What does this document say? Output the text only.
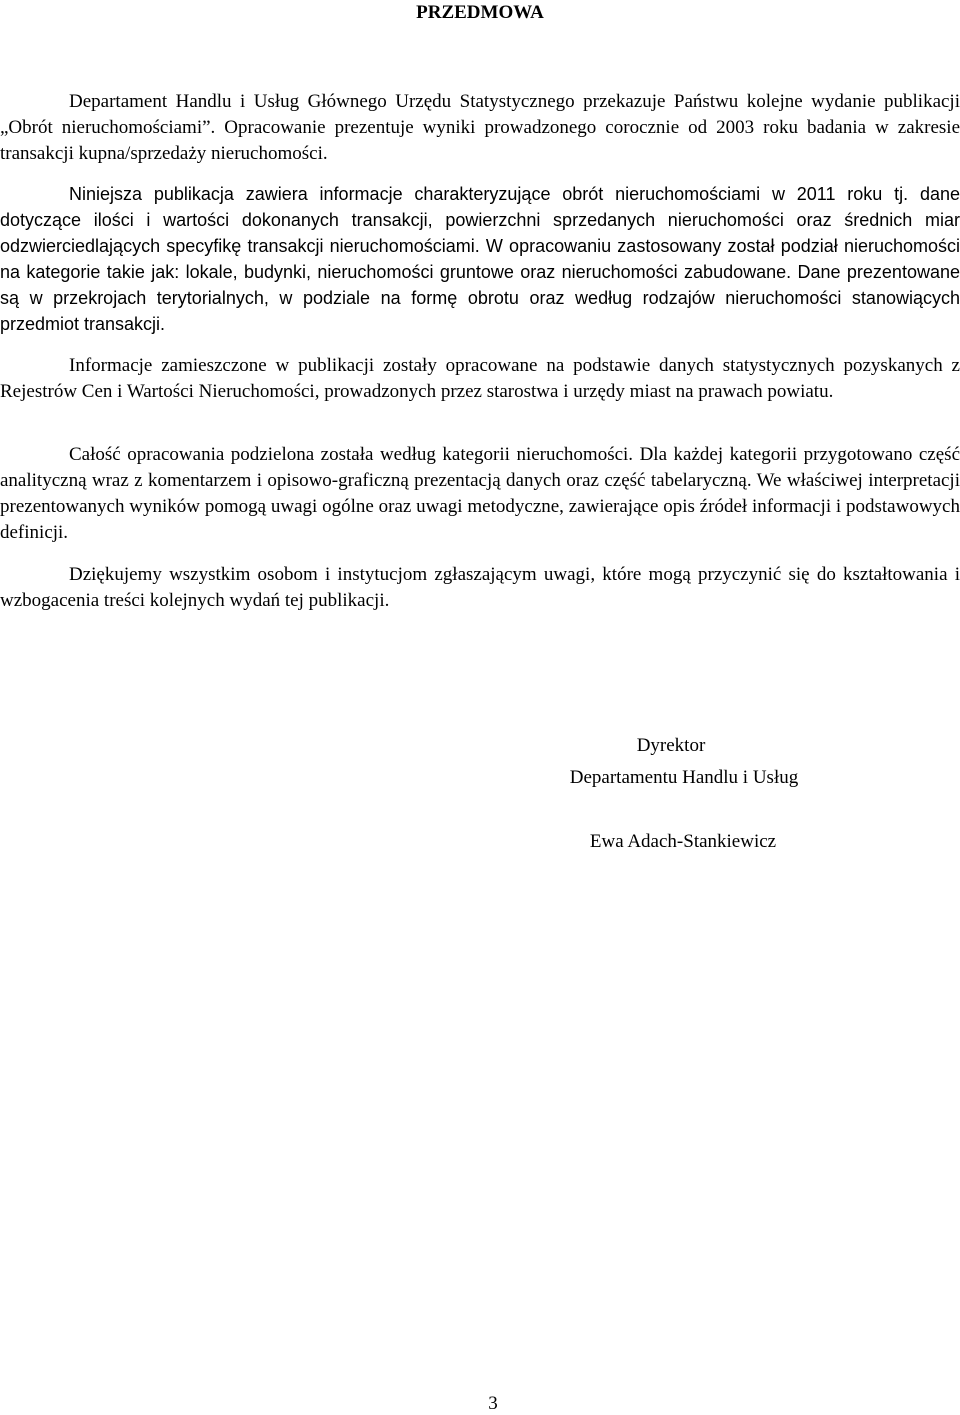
PRZEDMOWA

Departament Handlu i Usług Głównego Urzędu Statystycznego przekazuje Państwu kolejne wydanie publikacji „Obrót nieruchomościami”. Opracowanie prezentuje wyniki prowadzonego corocznie od 2003 roku badania w zakresie transakcji kupna/sprzedaży nieruchomości.

Niniejsza publikacja zawiera informacje charakteryzujące obrót nieruchomościami w 2011 roku tj. dane dotyczące ilości i wartości dokonanych transakcji, powierzchni sprzedanych nieruchomości oraz średnich miar odzwierciedlających specyfikę transakcji nieruchomościami. W opracowaniu zastosowany został podział nieruchomości na kategorie takie jak: lokale, budynki, nieruchomości gruntowe oraz nieruchomości zabudowane. Dane prezentowane są w przekrojach terytorialnych, w podziale na formę obrotu oraz według rodzajów nieruchomości stanowiących przedmiot transakcji.

Informacje zamieszczone w publikacji zostały opracowane na podstawie danych statystycznych pozyskanych z Rejestrów Cen i Wartości Nieruchomości, prowadzonych przez starostwa i urzędy miast na prawach powiatu.

Całość opracowania podzielona została według kategorii nieruchomości. Dla każdej kategorii przygotowano część analityczną wraz z komentarzem i opisowo-graficzną prezentacją danych oraz część tabelaryczną. We właściwej interpretacji prezentowanych wyników pomogą uwagi ogólne oraz uwagi metodyczne, zawierające opis źródeł informacji i podstawowych definicji.

Dziękujemy wszystkim osobom i instytucjom zgłaszającym uwagi, które mogą przyczynić się do kształtowania i wzbogacenia treści kolejnych wydań tej publikacji.

Dyrektor

Departamentu Handlu i Usług

Ewa Adach-Stankiewicz

3
